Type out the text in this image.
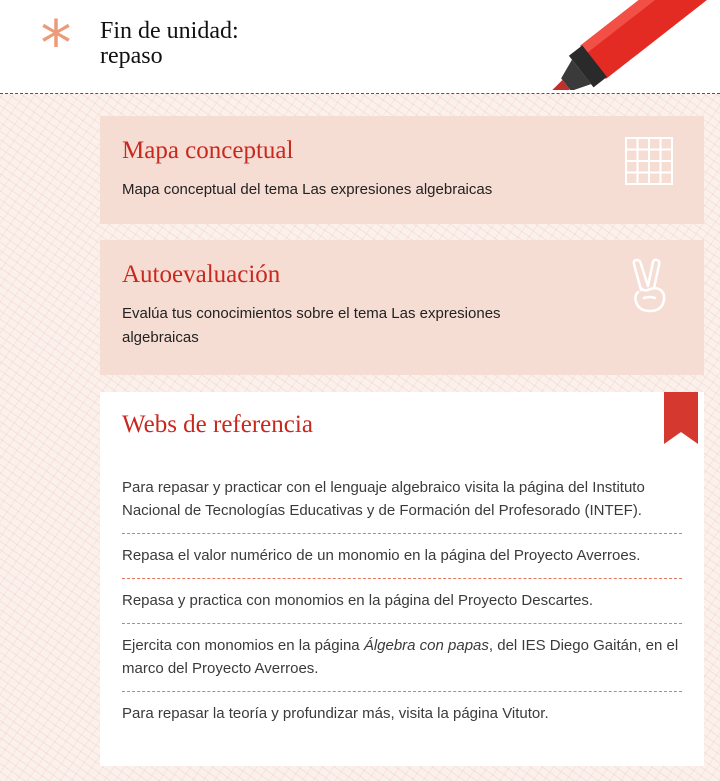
*	Fin de unidad:
repaso
Mapa conceptual
Mapa conceptual del tema Las expresiones algebraicas
Autoevaluación
Evalúa tus conocimientos sobre el tema Las expresiones algebraicas
Webs de referencia
Para repasar y practicar con el lenguaje algebraico visita la página del Instituto Nacional de Tecnologías Educativas y de Formación del Profesorado (INTEF).
Repasa el valor numérico de un monomio en la página del Proyecto Averroes.
Repasa y practica con monomios en la página del Proyecto Descartes.
Ejercita con monomios en la página Álgebra con papas, del IES Diego Gaitán, en el marco del Proyecto Averroes.
Para repasar la teoría y profundizar más, visita la página Vitutor.
